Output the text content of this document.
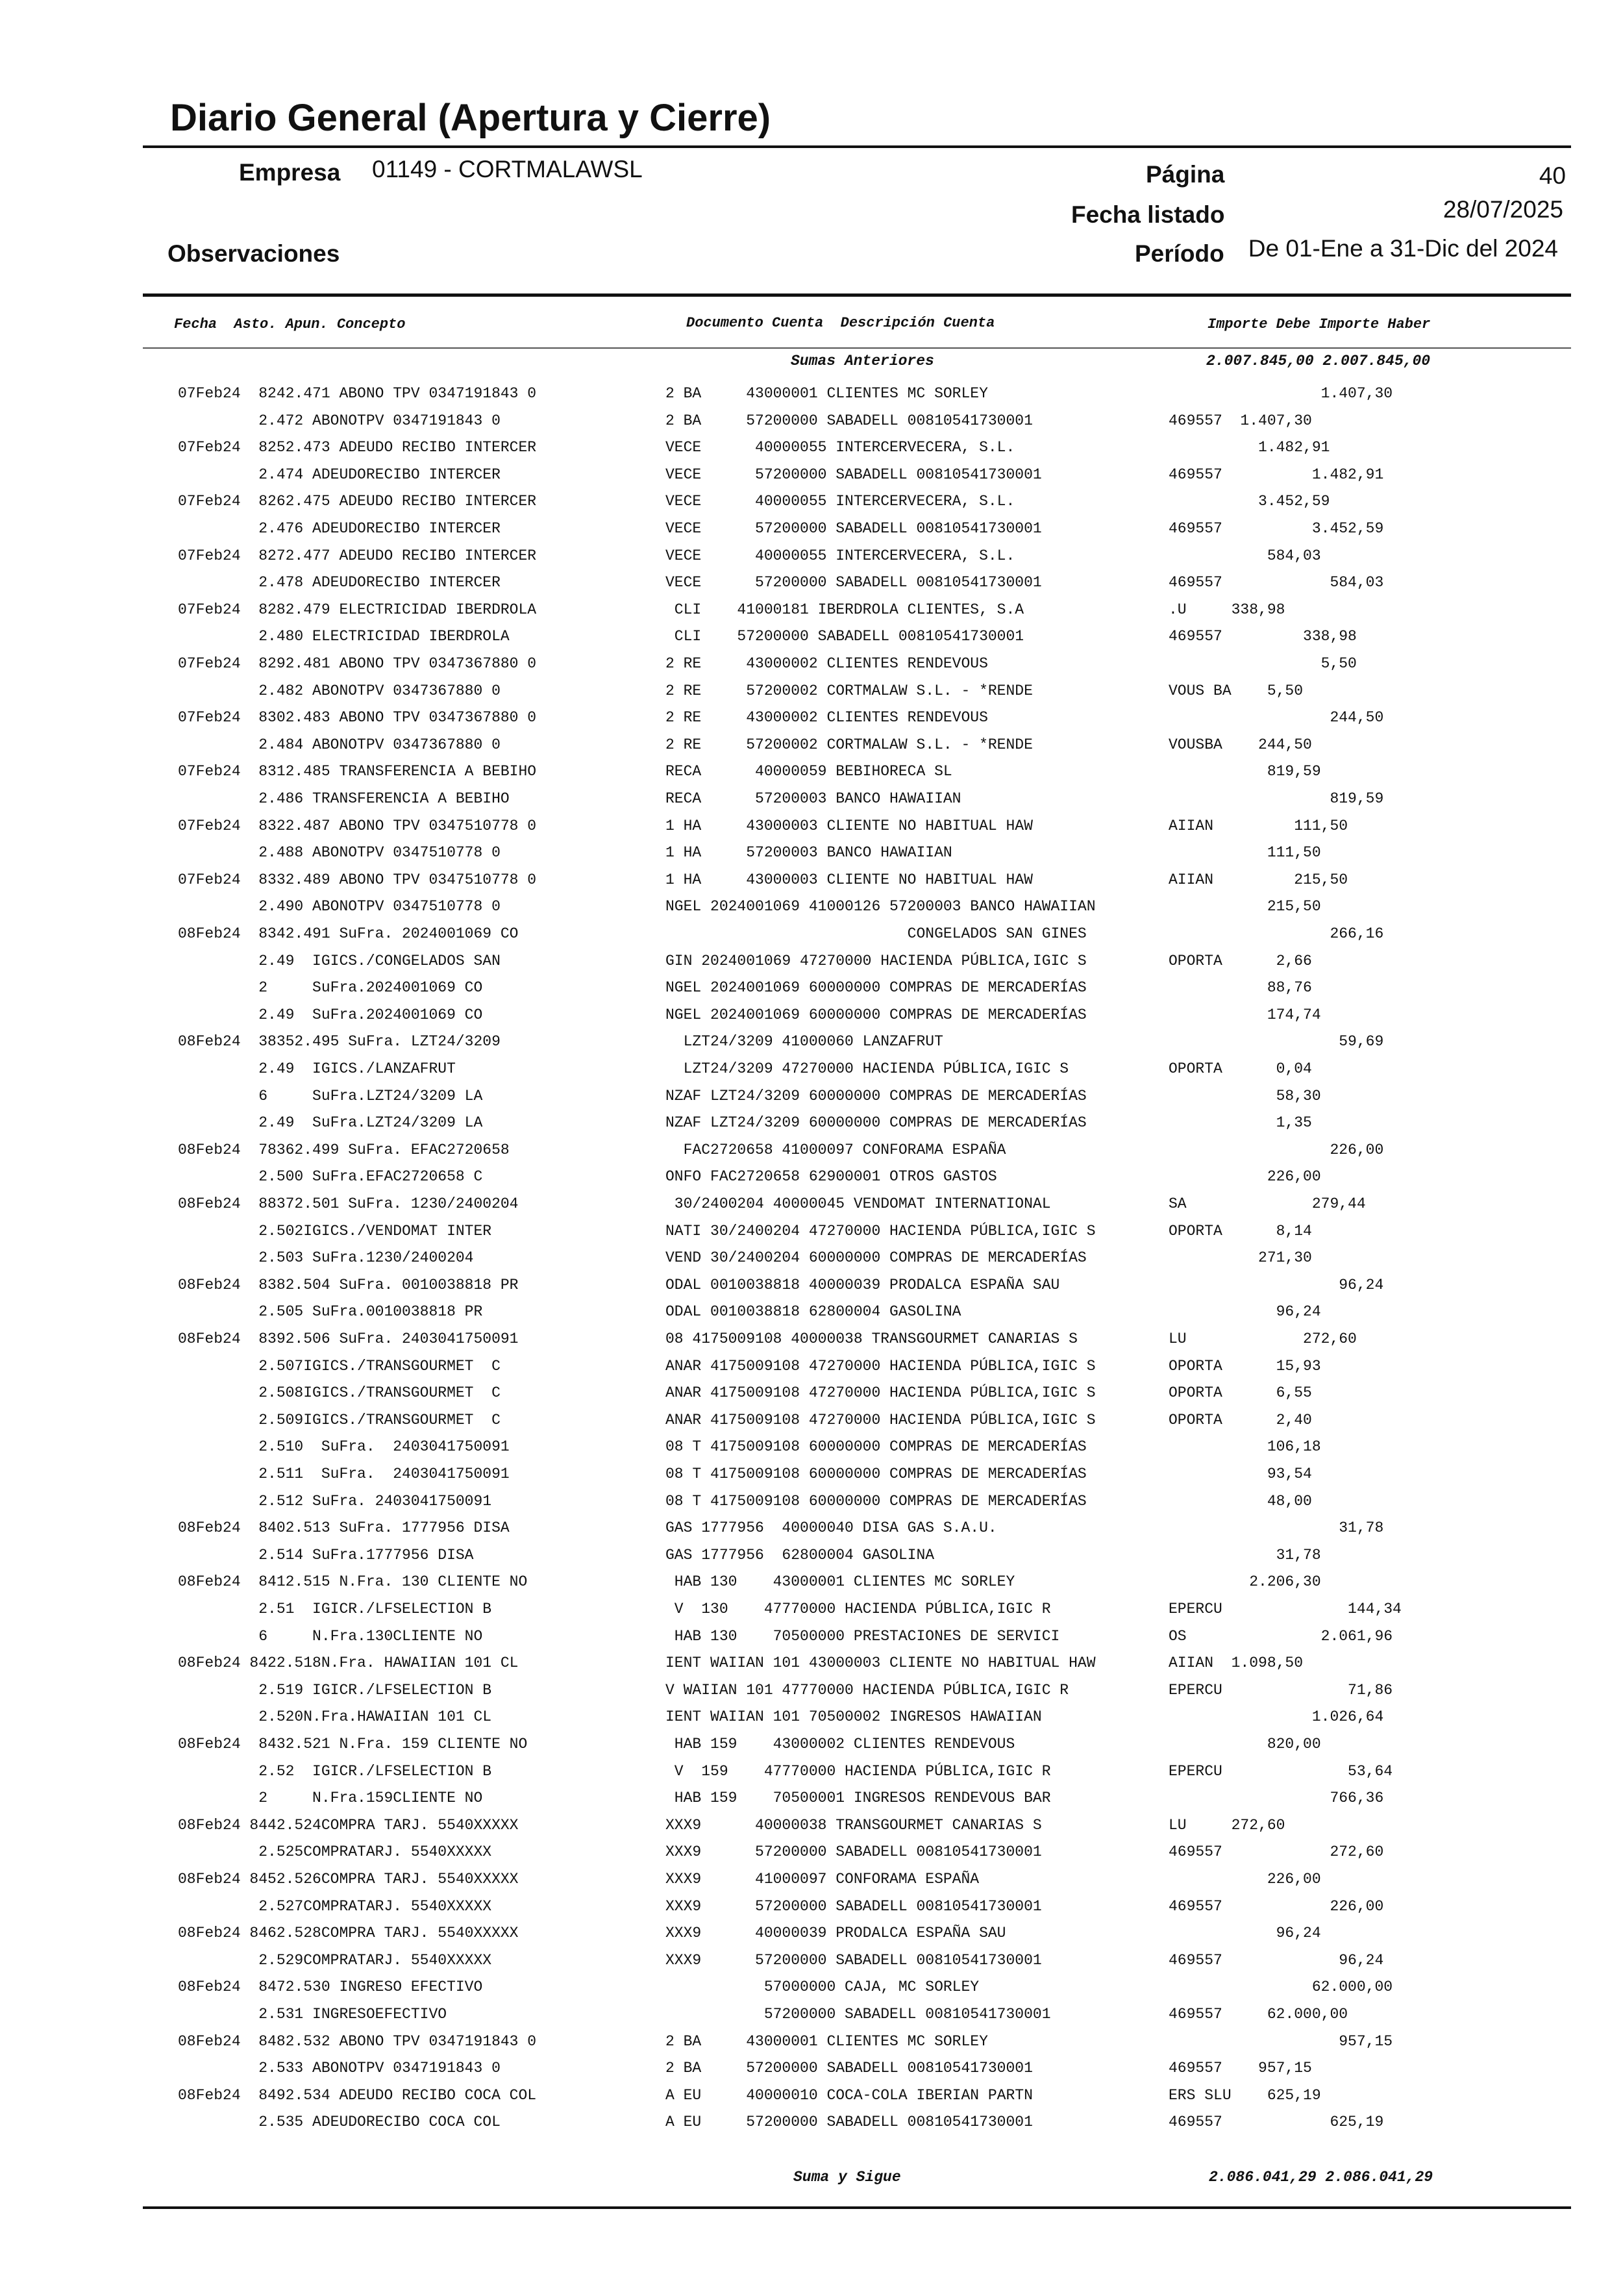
Diario General (Apertura y Cierre)
Empresa 01149 - CORTMALAWSL	Página	40
Fecha listado	28/07/2025
Observaciones	Período De 01-Ene a 31-Dic del 2024
Fecha  Asto. Apun. Concepto	Documento Cuenta  Descripción Cuenta	Importe Debe Importe Haber
Sumas Anteriores	2.007.845,00 2.007.845,00
07Feb24  8242.471 ABONO TPV 0347191843 0	2 BA     43000001 CLIENTES MC SORLEY	1.407,30
2.472 ABONOTPV 0347191843 0	2 BA     57200000 SABADELL 00810541730001	469557  1.407,30
07Feb24  8252.473 ADEUDO RECIBO INTERCER	VECE      40000055 INTERCERVECERA, S.L.	1.482,91
2.474 ADEUDORECIBO INTERCER	VECE      57200000 SABADELL 00810541730001	469557          1.482,91
07Feb24  8262.475 ADEUDO RECIBO INTERCER	VECE      40000055 INTERCERVECERA, S.L.	3.452,59
2.476 ADEUDORECIBO INTERCER	VECE      57200000 SABADELL 00810541730001	469557          3.452,59
07Feb24  8272.477 ADEUDO RECIBO INTERCER	VECE      40000055 INTERCERVECERA, S.L.	584,03
2.478 ADEUDORECIBO INTERCER	VECE      57200000 SABADELL 00810541730001	469557            584,03
07Feb24  8282.479 ELECTRICIDAD IBERDROLA	CLI    41000181 IBERDROLA CLIENTES, S.A	.U     338,98
2.480 ELECTRICIDAD IBERDROLA	CLI    57200000 SABADELL 00810541730001	469557         338,98
07Feb24  8292.481 ABONO TPV 0347367880 0	2 RE     43000002 CLIENTES RENDEVOUS	5,50
2.482 ABONOTPV 0347367880 0	2 RE     57200002 CORTMALAW S.L. - *RENDE	VOUS BA    5,50
07Feb24  8302.483 ABONO TPV 0347367880 0	2 RE     43000002 CLIENTES RENDEVOUS	244,50
2.484 ABONOTPV 0347367880 0	2 RE     57200002 CORTMALAW S.L. - *RENDE	VOUSBA    244,50
07Feb24  8312.485 TRANSFERENCIA A BEBIHO	RECA      40000059 BEBIHORECA SL	819,59
2.486 TRANSFERENCIA A BEBIHO	RECA      57200003 BANCO HAWAIIAN	819,59
07Feb24  8322.487 ABONO TPV 0347510778 0	1 HA     43000003 CLIENTE NO HABITUAL HAW	AIIAN         111,50
2.488 ABONOTPV 0347510778 0	1 HA     57200003 BANCO HAWAIIAN	111,50
07Feb24  8332.489 ABONO TPV 0347510778 0	1 HA     43000003 CLIENTE NO HABITUAL HAW	AIIAN         215,50
2.490 ABONOTPV 0347510778 0	NGEL 2024001069 41000126 57200003 BANCO HAWAIIAN	215,50
08Feb24  8342.491 SuFra. 2024001069 CO	CONGELADOS SAN GINES	266,16
2.49  IGICS./CONGELADOS SAN	GIN 2024001069 47270000 HACIENDA PÚBLICA,IGIC S	OPORTA      2,66
2     SuFra.2024001069 CO	NGEL 2024001069 60000000 COMPRAS DE MERCADERÍAS	88,76
2.49  SuFra.2024001069 CO	NGEL 2024001069 60000000 COMPRAS DE MERCADERÍAS	174,74
08Feb24  38352.495 SuFra. LZT24/3209	LZT24/3209 41000060 LANZAFRUT	59,69
2.49  IGICS./LANZAFRUT	LZT24/3209 47270000 HACIENDA PÚBLICA,IGIC S	OPORTA      0,04
6     SuFra.LZT24/3209 LA	NZAF LZT24/3209 60000000 COMPRAS DE MERCADERÍAS	58,30
2.49  SuFra.LZT24/3209 LA	NZAF LZT24/3209 60000000 COMPRAS DE MERCADERÍAS	1,35
08Feb24  78362.499 SuFra. EFAC2720658	FAC2720658 41000097 CONFORAMA ESPAÑA	226,00
2.500 SuFra.EFAC2720658 C	ONFO FAC2720658 62900001 OTROS GASTOS	226,00
08Feb24  88372.501 SuFra. 1230/2400204	30/2400204 40000045 VENDOMAT INTERNATIONAL	SA              279,44
2.502IGICS./VENDOMAT INTER	NATI 30/2400204 47270000 HACIENDA PÚBLICA,IGIC S	OPORTA      8,14
2.503 SuFra.1230/2400204	VEND 30/2400204 60000000 COMPRAS DE MERCADERÍAS	271,30
08Feb24  8382.504 SuFra. 0010038818 PR	ODAL 0010038818 40000039 PRODALCA ESPAÑA SAU	96,24
2.505 SuFra.0010038818 PR	ODAL 0010038818 62800004 GASOLINA	96,24
08Feb24  8392.506 SuFra. 2403041750091	08 4175009108 40000038 TRANSGOURMET CANARIAS S	LU             272,60
2.507IGICS./TRANSGOURMET  C	ANAR 4175009108 47270000 HACIENDA PÚBLICA,IGIC S	OPORTA      15,93
2.508IGICS./TRANSGOURMET  C	ANAR 4175009108 47270000 HACIENDA PÚBLICA,IGIC S	OPORTA      6,55
2.509IGICS./TRANSGOURMET  C	ANAR 4175009108 47270000 HACIENDA PÚBLICA,IGIC S	OPORTA      2,40
2.510  SuFra.  2403041750091	08 T 4175009108 60000000 COMPRAS DE MERCADERÍAS	106,18
2.511  SuFra.  2403041750091	08 T 4175009108 60000000 COMPRAS DE MERCADERÍAS	93,54
2.512 SuFra. 2403041750091	08 T 4175009108 60000000 COMPRAS DE MERCADERÍAS	48,00
08Feb24  8402.513 SuFra. 1777956 DISA	GAS 1777956  40000040 DISA GAS S.A.U.	31,78
2.514 SuFra.1777956 DISA	GAS 1777956  62800004 GASOLINA	31,78
08Feb24  8412.515 N.Fra. 130 CLIENTE NO	HAB 130    43000001 CLIENTES MC SORLEY	2.206,30
2.51  IGICR./LFSELECTION B	V  130    47770000 HACIENDA PÚBLICA,IGIC R	EPERCU              144,34
6     N.Fra.130CLIENTE NO	HAB 130    70500000 PRESTACIONES DE SERVICI	OS               2.061,96
08Feb24 8422.518N.Fra. HAWAIIAN 101 CL	IENT WAIIAN 101 43000003 CLIENTE NO HABITUAL HAW	AIIAN  1.098,50
2.519 IGICR./LFSELECTION B	V WAIIAN 101 47770000 HACIENDA PÚBLICA,IGIC R	EPERCU              71,86
2.520N.Fra.HAWAIIAN 101 CL	IENT WAIIAN 101 70500002 INGRESOS HAWAIIAN	1.026,64
08Feb24  8432.521 N.Fra. 159 CLIENTE NO	HAB 159    43000002 CLIENTES RENDEVOUS	820,00
2.52  IGICR./LFSELECTION B	V  159    47770000 HACIENDA PÚBLICA,IGIC R	EPERCU              53,64
2     N.Fra.159CLIENTE NO	HAB 159    70500001 INGRESOS RENDEVOUS BAR	766,36
08Feb24 8442.524COMPRA TARJ. 5540XXXXX	XXX9      40000038 TRANSGOURMET CANARIAS S	LU     272,60
2.525COMPRATARJ. 5540XXXXX	XXX9      57200000 SABADELL 00810541730001	469557            272,60
08Feb24 8452.526COMPRA TARJ. 5540XXXXX	XXX9      41000097 CONFORAMA ESPAÑA	226,00
2.527COMPRATARJ. 5540XXXXX	XXX9      57200000 SABADELL 00810541730001	469557            226,00
08Feb24 8462.528COMPRA TARJ. 5540XXXXX	XXX9      40000039 PRODALCA ESPAÑA SAU	96,24
2.529COMPRATARJ. 5540XXXXX	XXX9      57200000 SABADELL 00810541730001	469557             96,24
08Feb24  8472.530 INGRESO EFECTIVO	57000000 CAJA, MC SORLEY	62.000,00
2.531 INGRESOEFECTIVO	57200000 SABADELL 00810541730001	469557     62.000,00
08Feb24  8482.532 ABONO TPV 0347191843 0	2 BA     43000001 CLIENTES MC SORLEY	957,15
2.533 ABONOTPV 0347191843 0	2 BA     57200000 SABADELL 00810541730001	469557    957,15
08Feb24  8492.534 ADEUDO RECIBO COCA COL	A EU     40000010 COCA-COLA IBERIAN PARTN	ERS SLU    625,19
2.535 ADEUDORECIBO COCA COL	A EU     57200000 SABADELL 00810541730001	469557            625,19
Suma y Sigue	2.086.041,29 2.086.041,29
